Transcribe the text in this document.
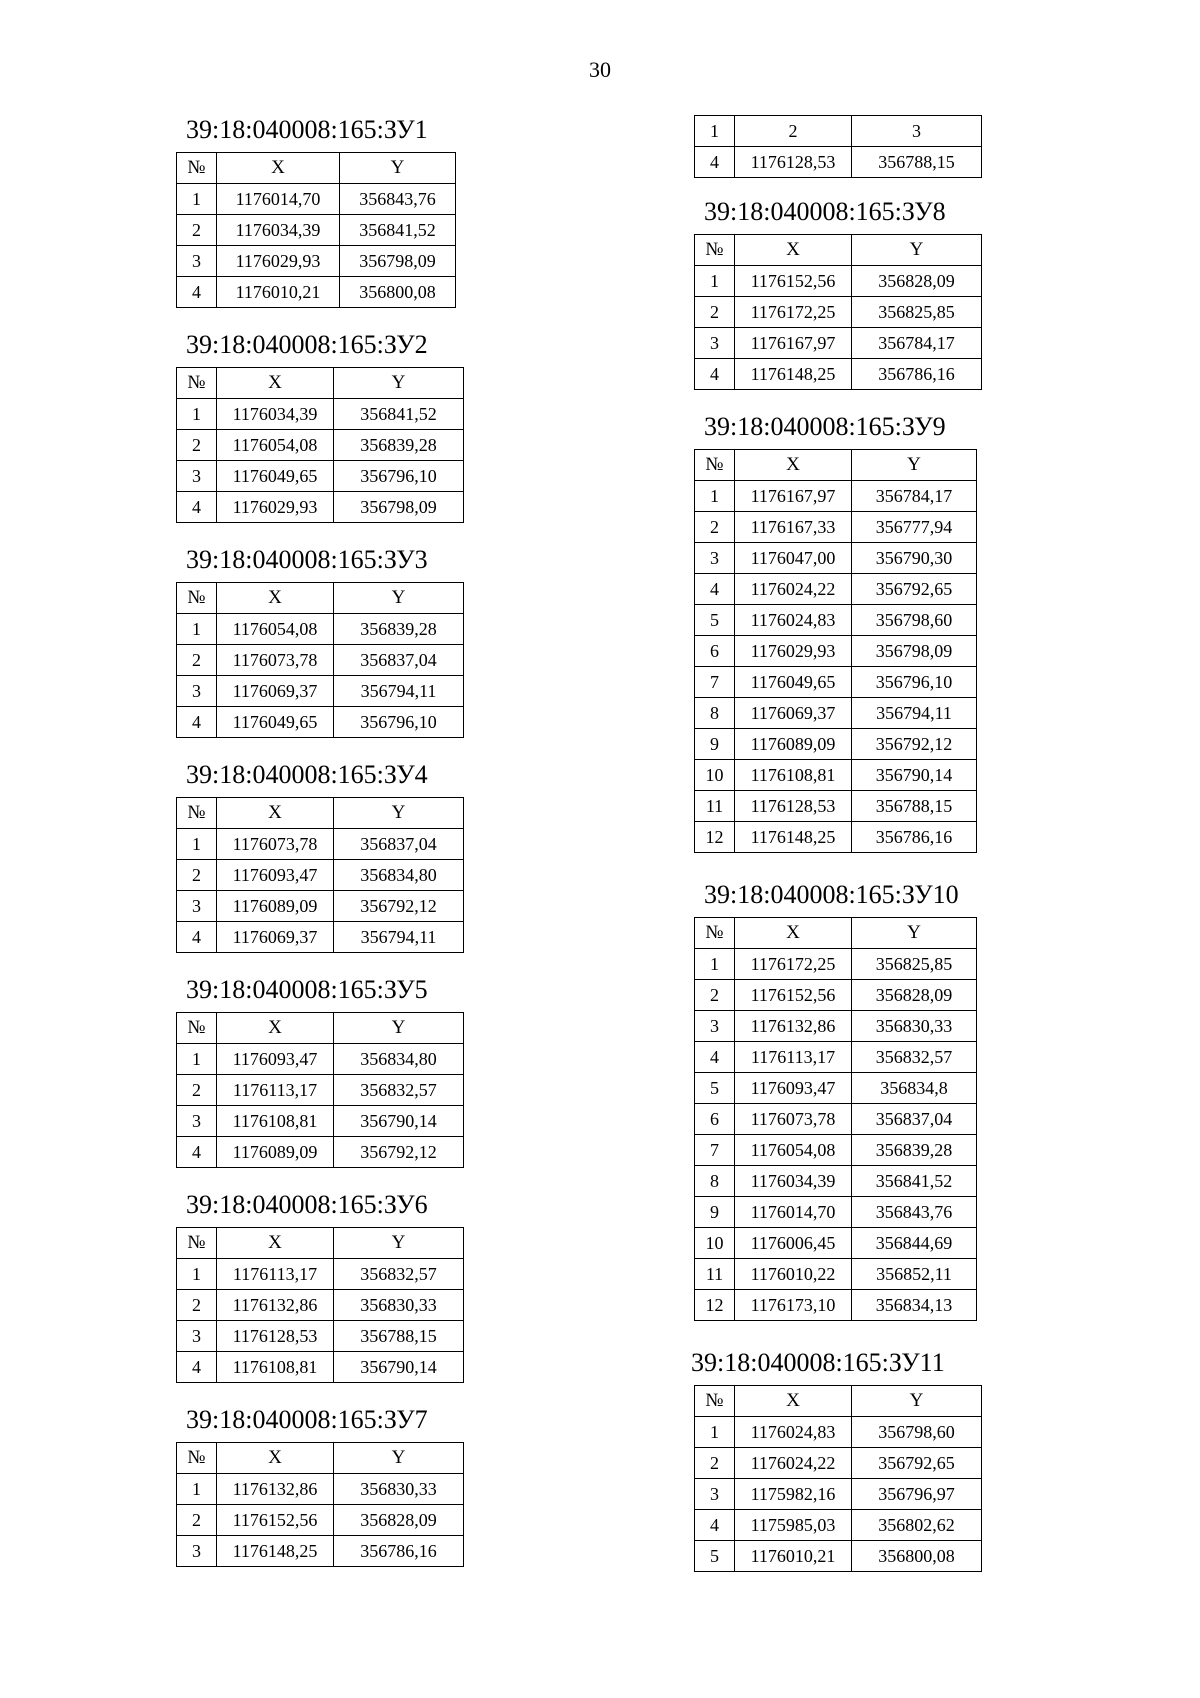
30
1	2	3
4	1176128,53	356788,15
39:18:040008:165:ЗУ1
№	X	Y
1	1176014,70	356843,76
2	1176034,39	356841,52
3	1176029,93	356798,09
4	1176010,21	356800,08
39:18:040008:165:ЗУ2
№	X	Y
1	1176034,39	356841,52
2	1176054,08	356839,28
3	1176049,65	356796,10
4	1176029,93	356798,09
39:18:040008:165:ЗУ3
№	X	Y
1	1176054,08	356839,28
2	1176073,78	356837,04
3	1176069,37	356794,11
4	1176049,65	356796,10
39:18:040008:165:ЗУ4
№	X	Y
1	1176073,78	356837,04
2	1176093,47	356834,80
3	1176089,09	356792,12
4	1176069,37	356794,11
39:18:040008:165:ЗУ5
№	X	Y
1	1176093,47	356834,80
2	1176113,17	356832,57
3	1176108,81	356790,14
4	1176089,09	356792,12
39:18:040008:165:ЗУ6
№	X	Y
1	1176113,17	356832,57
2	1176132,86	356830,33
3	1176128,53	356788,15
4	1176108,81	356790,14
39:18:040008:165:ЗУ7
№	X	Y
1	1176132,86	356830,33
2	1176152,56	356828,09
3	1176148,25	356786,16
39:18:040008:165:ЗУ8
№	X	Y
1	1176152,56	356828,09
2	1176172,25	356825,85
3	1176167,97	356784,17
4	1176148,25	356786,16
39:18:040008:165:ЗУ9
№	X	Y
1	1176167,97	356784,17
2	1176167,33	356777,94
3	1176047,00	356790,30
4	1176024,22	356792,65
5	1176024,83	356798,60
6	1176029,93	356798,09
7	1176049,65	356796,10
8	1176069,37	356794,11
9	1176089,09	356792,12
10	1176108,81	356790,14
11	1176128,53	356788,15
12	1176148,25	356786,16
39:18:040008:165:ЗУ10
№	X	Y
1	1176172,25	356825,85
2	1176152,56	356828,09
3	1176132,86	356830,33
4	1176113,17	356832,57
5	1176093,47	356834,8
6	1176073,78	356837,04
7	1176054,08	356839,28
8	1176034,39	356841,52
9	1176014,70	356843,76
10	1176006,45	356844,69
11	1176010,22	356852,11
12	1176173,10	356834,13
39:18:040008:165:ЗУ11
№	X	Y
1	1176024,83	356798,60
2	1176024,22	356792,65
3	1175982,16	356796,97
4	1175985,03	356802,62
5	1176010,21	356800,08
